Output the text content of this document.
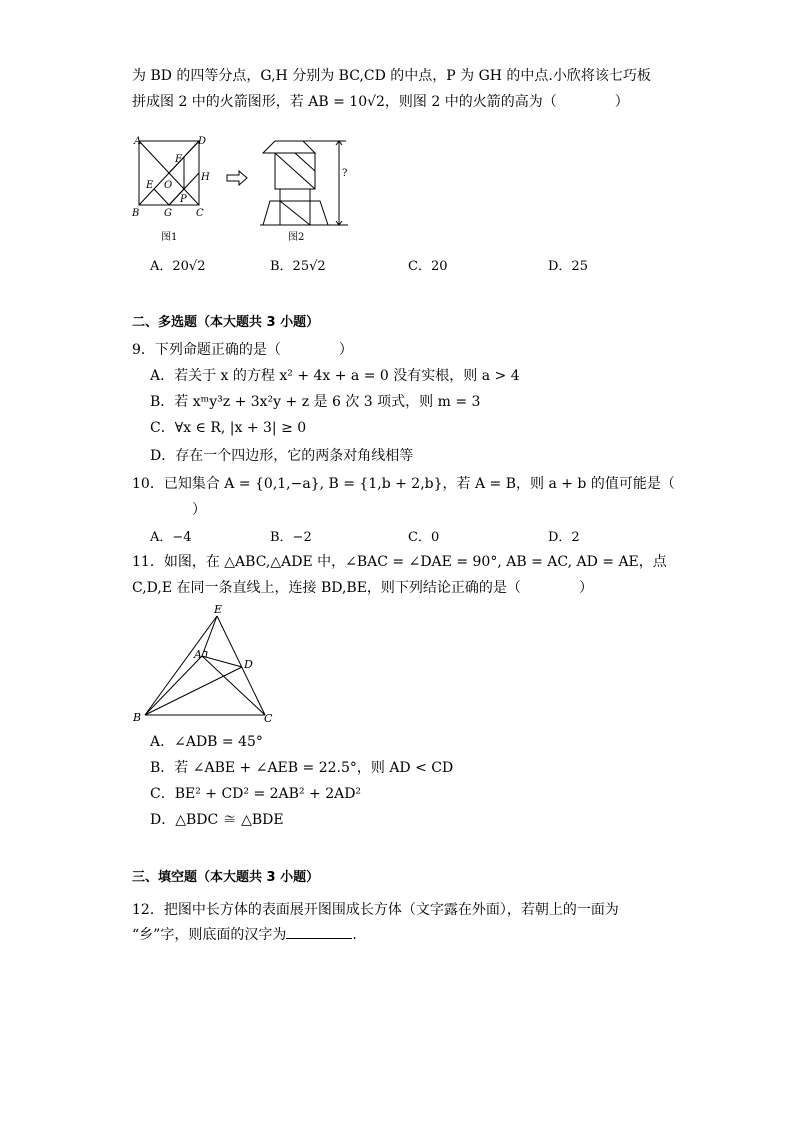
为 BD 的四等分点，G,H 分别为 BC,CD 的中点，P 为 GH 的中点.小欣将该七巧板
拼成图 2 中的火箭图形，若 AB = 10√2，则图 2 中的火箭的高为（	）
A	D
F
H
E O
P
B G C
图1
?
图2
A．20√2	B．25√2	C．20	D．25
二、多选题（本大题共 3 小题）
9．下列命题正确的是（	）
A．若关于 x 的方程 x² + 4x + a = 0 没有实根，则 a > 4
B．若 xᵐy³z + 3x²y + z 是 6 次 3 项式，则 m = 3
C．∀x ∈ R, |x + 3| ≥ 0
D．存在一个四边形，它的两条对角线相等
10．已知集合 A = {0,1,−a}, B = {1,b + 2,b}，若 A = B，则 a + b 的值可能是（
）
A．−4	B．−2	C．0	D．2
11．如图，在 △ABC,△ADE 中，∠BAC = ∠DAE = 90°, AB = AC, AD = AE，点
C,D,E 在同一条直线上，连接 BD,BE，则下列结论正确的是（	）
E
A
D
B	C
A．∠ADB = 45°
B．若 ∠ABE + ∠AEB = 22.5°，则 AD < CD
C．BE² + CD² = 2AB² + 2AD²
D．△BDC ≅ △BDE
三、填空题（本大题共 3 小题）
12．把图中长方体的表面展开图围成长方体（文字露在外面），若朝上的一面为
“乡”字，则底面的汉字为	.
